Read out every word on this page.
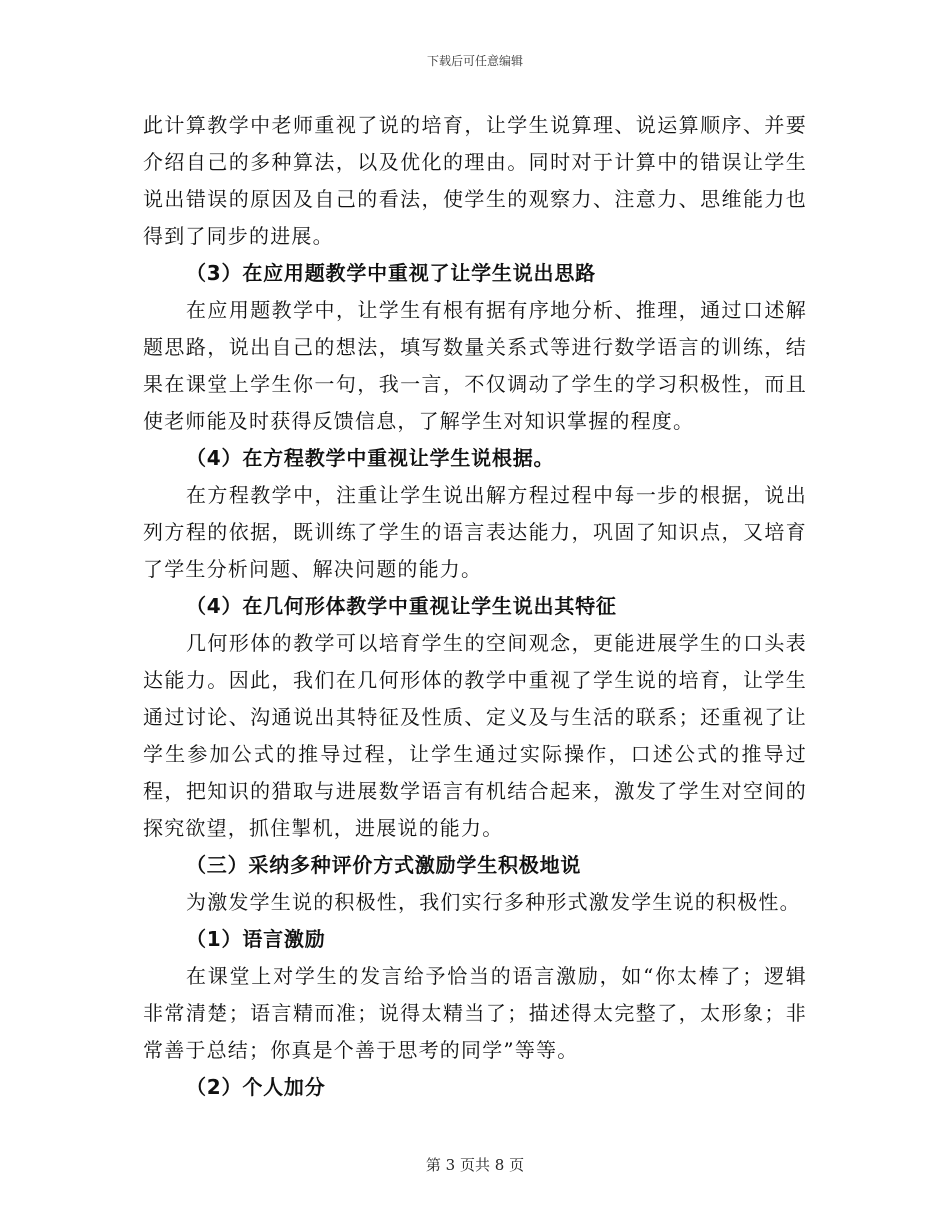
下载后可任意编辑

此计算教学中老师重视了说的培育，让学生说算理、说运算顺序、并要介绍自己的多种算法，以及优化的理由。同时对于计算中的错误让学生说出错误的原因及自己的看法，使学生的观察力、注意力、思维能力也得到了同步的进展。

（3）在应用题教学中重视了让学生说出思路

在应用题教学中，让学生有根有据有序地分析、推理，通过口述解题思路，说出自己的想法，填写数量关系式等进行数学语言的训练，结果在课堂上学生你一句，我一言，不仅调动了学生的学习积极性，而且使老师能及时获得反馈信息，了解学生对知识掌握的程度。

（4）在方程教学中重视让学生说根据。

在方程教学中，注重让学生说出解方程过程中每一步的根据，说出列方程的依据，既训练了学生的语言表达能力，巩固了知识点，又培育了学生分析问题、解决问题的能力。

（4）在几何形体教学中重视让学生说出其特征

几何形体的教学可以培育学生的空间观念，更能进展学生的口头表达能力。因此，我们在几何形体的教学中重视了学生说的培育，让学生通过讨论、沟通说出其特征及性质、定义及与生活的联系；还重视了让学生参加公式的推导过程，让学生通过实际操作，口述公式的推导过程，把知识的猎取与进展数学语言有机结合起来，激发了学生对空间的探究欲望，抓住掣机，进展说的能力。

（三）采纳多种评价方式激励学生积极地说

为激发学生说的积极性，我们实行多种形式激发学生说的积极性。

（1）语言激励

在课堂上对学生的发言给予恰当的语言激励，如“你太棒了；逻辑非常清楚；语言精而准；说得太精当了；描述得太完整了，太形象；非常善于总结；你真是个善于思考的同学”等等。

（2）个人加分

第 3 页共 8 页
